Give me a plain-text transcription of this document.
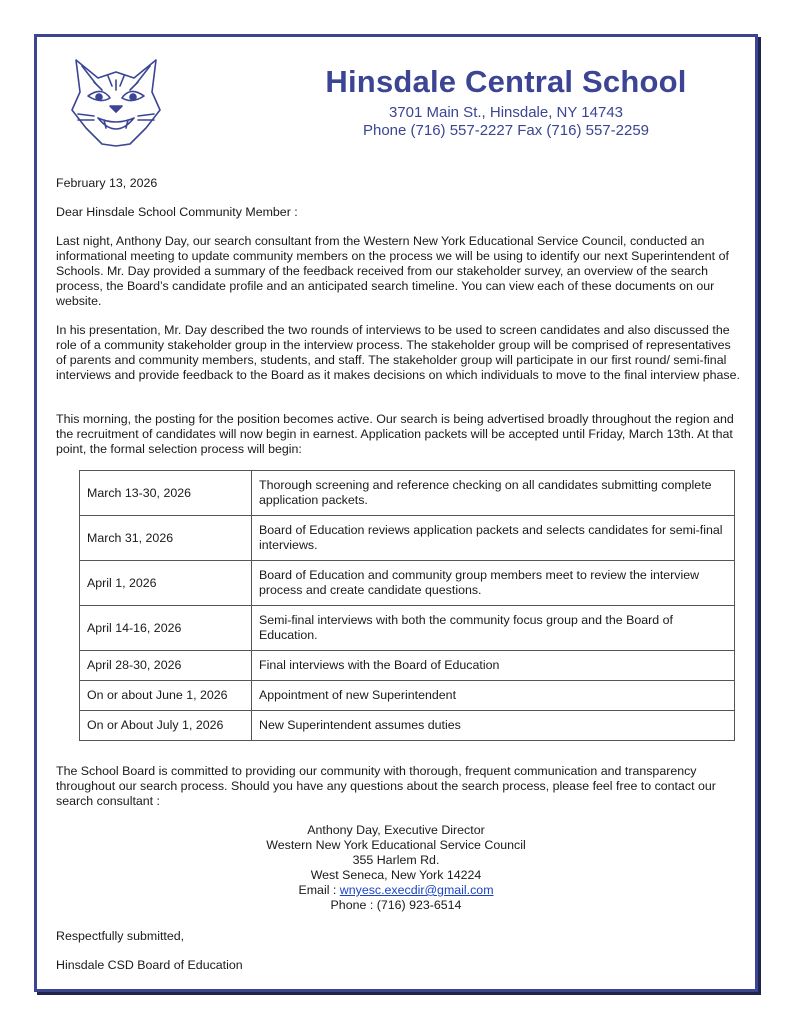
Hinsdale Central School
3701 Main St., Hinsdale, NY 14743
Phone (716) 557-2227 Fax (716) 557-2259
February 13, 2026
Dear Hinsdale School Community Member :
Last night, Anthony Day, our search consultant from the Western New York Educational Service Council, conducted an informational meeting to update community members on the process we will be using to identify our next Superintendent of Schools. Mr. Day provided a summary of the feedback received from our stakeholder survey, an overview of the search process, the Board’s candidate profile and an anticipated search timeline. You can view each of these documents on our website.
In his presentation, Mr. Day described the two rounds of interviews to be used to screen candidates and also discussed the role of a community stakeholder group in the interview process. The stakeholder group will be comprised of representatives of parents and community members, students, and staff. The stakeholder group will participate in our first round/ semi-final interviews and provide feedback to the Board as it makes decisions on which individuals to move to the final interview phase.
This morning, the posting for the position becomes active. Our search is being advertised broadly throughout the region and the recruitment of candidates will now begin in earnest. Application packets will be accepted until Friday, March 13th. At that point, the formal selection process will begin:
March 13-30, 2026	Thorough screening and reference checking on all candidates submitting complete application packets.
March 31, 2026	Board of Education reviews application packets and selects candidates for semi-final interviews.
April 1, 2026	Board of Education and community group members meet to review the interview process and create candidate questions.
April 14-16, 2026	Semi-final interviews with both the community focus group and the Board of Education.
April 28-30, 2026	Final interviews with the Board of Education
On or about June 1, 2026	Appointment of new Superintendent
On or About July 1, 2026	New Superintendent assumes duties
The School Board is committed to providing our community with thorough, frequent communication and transparency throughout our search process. Should you have any questions about the search process, please feel free to contact our search consultant :
Anthony Day, Executive Director
Western New York Educational Service Council
355 Harlem Rd.
West Seneca, New York 14224
Email : wnyesc.execdir@gmail.com
Phone : (716) 923-6514
Respectfully submitted,
Hinsdale CSD Board of Education
